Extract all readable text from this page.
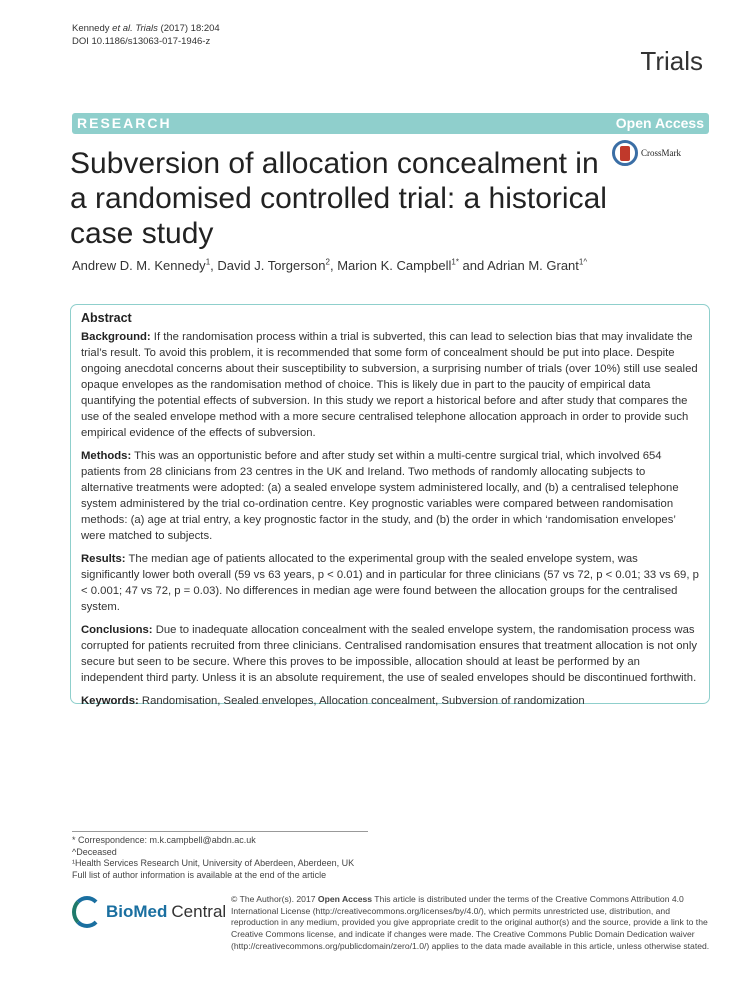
Kennedy et al. Trials (2017) 18:204
DOI 10.1186/s13063-017-1946-z
Trials
RESEARCH	Open Access
CrossMark
Subversion of allocation concealment in a randomised controlled trial: a historical case study
Andrew D. M. Kennedy$^1$, David J. Torgerson$^2$, Marion K. Campbell$^{1*}$ and Adrian M. Grant$^{1\^{}}$
Abstract

Background: If the randomisation process within a trial is subverted, this can lead to selection bias that may invalidate the trial’s result. To avoid this problem, it is recommended that some form of concealment should be put into place. Despite ongoing anecdotal concerns about their susceptibility to subversion, a surprising number of trials (over 10%) still use sealed opaque envelopes as the randomisation method of choice. This is likely due in part to the paucity of empirical data quantifying the potential effects of subversion. In this study we report a historical before and after study that compares the use of the sealed envelope method with a more secure centralised telephone allocation approach in order to provide such empirical evidence of the effects of subversion.

Methods: This was an opportunistic before and after study set within a multi-centre surgical trial, which involved 654 patients from 28 clinicians from 23 centres in the UK and Ireland. Two methods of randomly allocating subjects to alternative treatments were adopted: (a) a sealed envelope system administered locally, and (b) a centralised telephone system administered by the trial co-ordination centre. Key prognostic variables were compared between randomisation methods: (a) age at trial entry, a key prognostic factor in the study, and (b) the order in which ‘randomisation envelopes’ were matched to subjects.

Results: The median age of patients allocated to the experimental group with the sealed envelope system, was significantly lower both overall (59 vs 63 years, p < 0.01) and in particular for three clinicians (57 vs 72, p < 0.01; 33 vs 69, p < 0.001; 47 vs 72, p = 0.03). No differences in median age were found between the allocation groups for the centralised system.

Conclusions: Due to inadequate allocation concealment with the sealed envelope system, the randomisation process was corrupted for patients recruited from three clinicians. Centralised randomisation ensures that treatment allocation is not only secure but seen to be secure. Where this proves to be impossible, allocation should at least be performed by an independent third party. Unless it is an absolute requirement, the use of sealed envelopes should be discontinued forthwith.

Keywords: Randomisation, Sealed envelopes, Allocation concealment, Subversion of randomization

* Correspondence: m.k.campbell@abdn.ac.uk
^Deceased
¹Health Services Research Unit, University of Aberdeen, Aberdeen, UK
Full list of author information is available at the end of the article
BioMed Central
© The Author(s). 2017 Open Access This article is distributed under the terms of the Creative Commons Attribution 4.0 International License (http://creativecommons.org/licenses/by/4.0/), which permits unrestricted use, distribution, and reproduction in any medium, provided you give appropriate credit to the original author(s) and the source, provide a link to the Creative Commons license, and indicate if changes were made. The Creative Commons Public Domain Dedication waiver (http://creativecommons.org/publicdomain/zero/1.0/) applies to the data made available in this article, unless otherwise stated.
